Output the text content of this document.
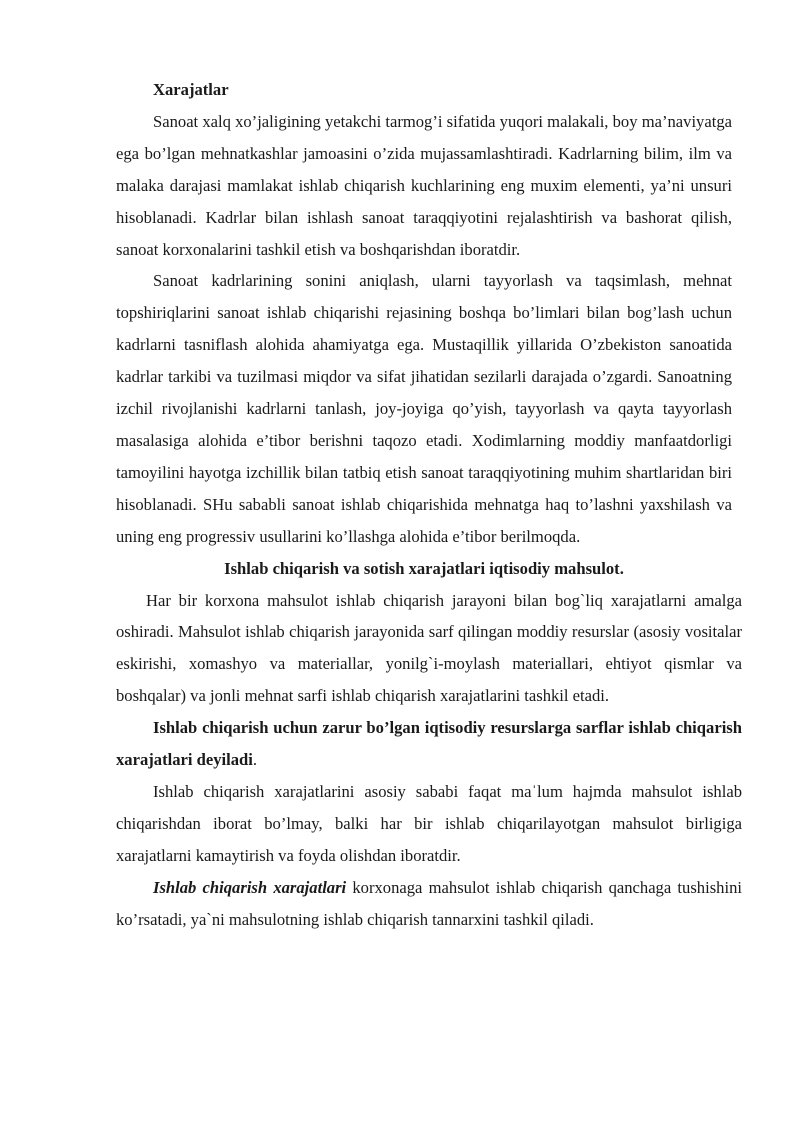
Xarajatlar

Sanoat xalq xo’jaligining yetakchi tarmog’i sifatida yuqori malakali, boy ma’naviyatga ega bo’lgan mehnatkashlar jamoasini o’zida mujassamlashtiradi. Kadrlarning bilim, ilm va malaka darajasi mamlakat ishlab chiqarish kuchlarining eng muxim elementi, ya’ni unsuri hisoblanadi. Kadrlar bilan ishlash sanoat taraqqiyotini rejalashtirish va bashorat qilish, sanoat korxonalarini tashkil etish va boshqarishdan iboratdir.

Sanoat kadrlarining sonini aniqlash, ularni tayyorlash va taqsimlash, mehnat topshiriqlarini sanoat ishlab chiqarishi rejasining boshqa bo’limlari bilan bog’lash uchun kadrlarni tasniflash alohida ahamiyatga ega. Mustaqillik yillarida O’zbekiston sanoatida kadrlar tarkibi va tuzilmasi miqdor va sifat jihatidan sezilarli darajada o’zgardi. Sanoatning izchil rivojlanishi kadrlarni tanlash, joy-joyiga qo’yish, tayyorlash va qayta tayyorlash masalasiga alohida e’tibor berishni taqozo etadi. Xodimlarning moddiy manfaatdorligi tamoyilini hayotga izchillik bilan tatbiq etish sanoat taraqqiyotining muhim shartlaridan biri hisoblanadi. SHu sababli sanoat ishlab chiqarishida mehnatga haq to’lashni yaxshilash va uning eng progressiv usullarini ko’llashga alohida e’tibor berilmoqda.

Ishlab chiqarish va sotish xarajatlari iqtisodiy mahsulot.

Har bir korxona mahsulot ishlab chiqarish jarayoni bilan bog`liq xarajatlarni amalga oshiradi. Mahsulot ishlab chiqarish jarayonida sarf qilingan moddiy resurslar (asosiy vositalar eskirishi, xomashyo va materiallar, yonilg`i-moylash materiallari, ehtiyot qismlar va boshqalar) va jonli mehnat sarfi ishlab chiqarish xarajatlarini tashkil etadi.

Ishlab chiqarish uchun zarur bo’lgan iqtisodiy resurslarga sarflar ishlab chiqarish xarajatlari deyiladi.

Ishlab chiqarish xarajatlarini asosiy sababi faqat maˈlum hajmda mahsulot ishlab chiqarishdan iborat bo’lmay, balki har bir ishlab chiqarilayotgan mahsulot birligiga xarajatlarni kamaytirish va foyda olishdan iboratdir.

Ishlab chiqarish xarajatlari korxonaga mahsulot ishlab chiqarish qanchaga tushishini ko’rsatadi, ya`ni mahsulotning ishlab chiqarish tannarxini tashkil qiladi.
